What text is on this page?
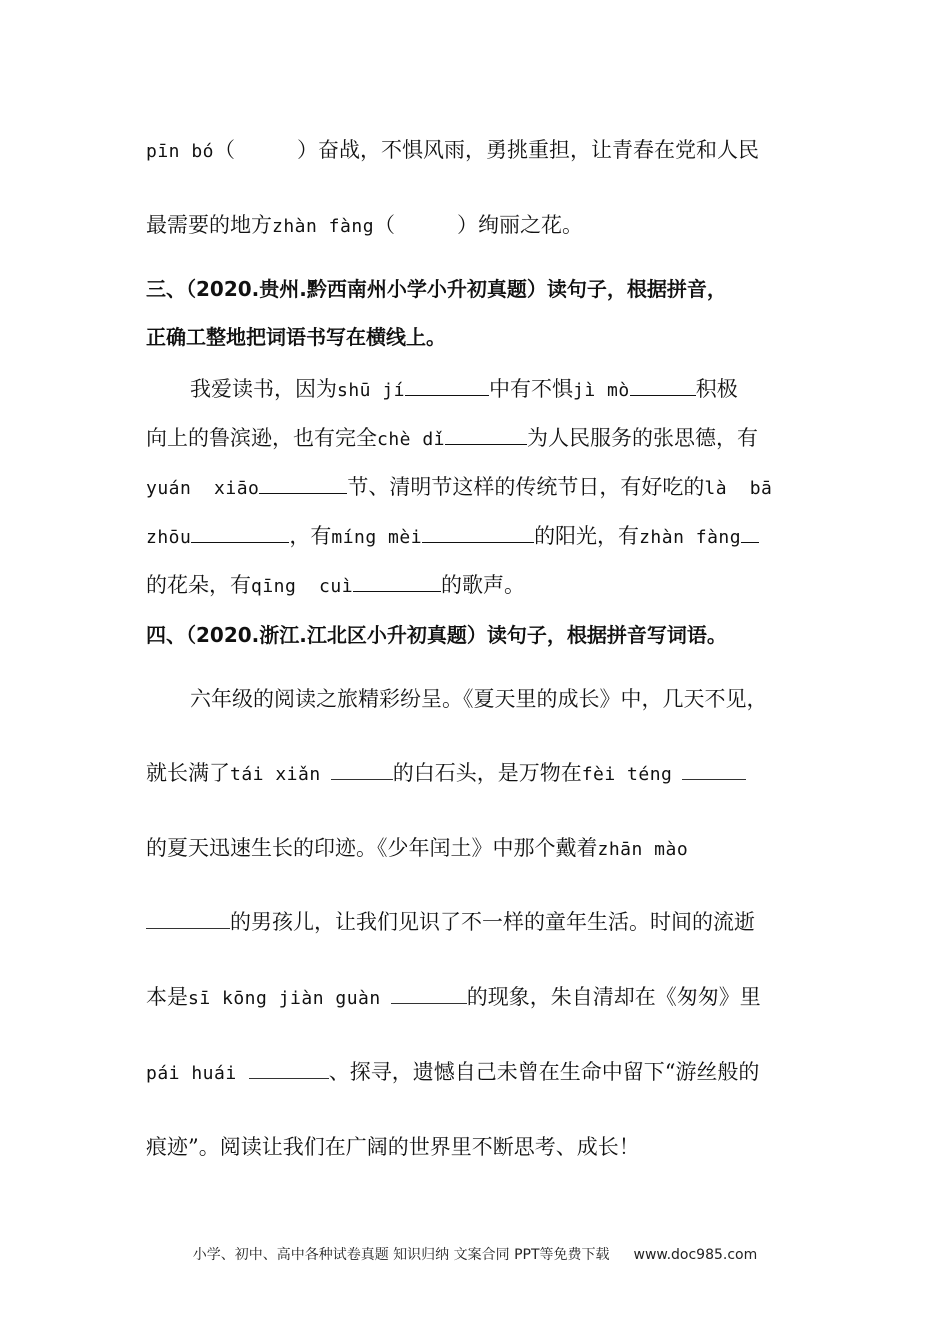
pīn bó（	）奋战，不惧风雨，勇挑重担，让青春在党和人民
最需要的地方zhàn fàng（	）绚丽之花。
三、（2020.贵州.黔西南州小学小升初真题）读句子，根据拼音，
正确工整地把词语书写在横线上。
我爱读书，因为shū jí	中有不惧jì mò	积极
向上的鲁滨逊，也有完全chè dǐ	为人民服务的张思德，有
yuán  xiāo	节、清明节这样的传统节日，有好吃的là  bā
zhōu	，有míng mèi	的阳光，有zhàn fàng
的花朵，有qīng  cuì	的歌声。
四、（2020.浙江.江北区小升初真题）读句子，根据拼音写词语。
六年级的阅读之旅精彩纷呈。《夏天里的成长》中，几天不见，
就长满了tái xiǎn	的白石头，是万物在fèi téng
的夏天迅速生长的印迹。《少年闰土》中那个戴着zhān mào
的男孩儿，让我们见识了不一样的童年生活。时间的流逝
本是sī kōng jiàn guàn	的现象，朱自清却在《匆匆》里
pái huái	、探寻，遗憾自己未曾在生命中留下“游丝般的
痕迹”。阅读让我们在广阔的世界里不断思考、成长！
小学、初中、高中各种试卷真题 知识归纳 文案合同 PPT等免费下载 www.doc985.com
